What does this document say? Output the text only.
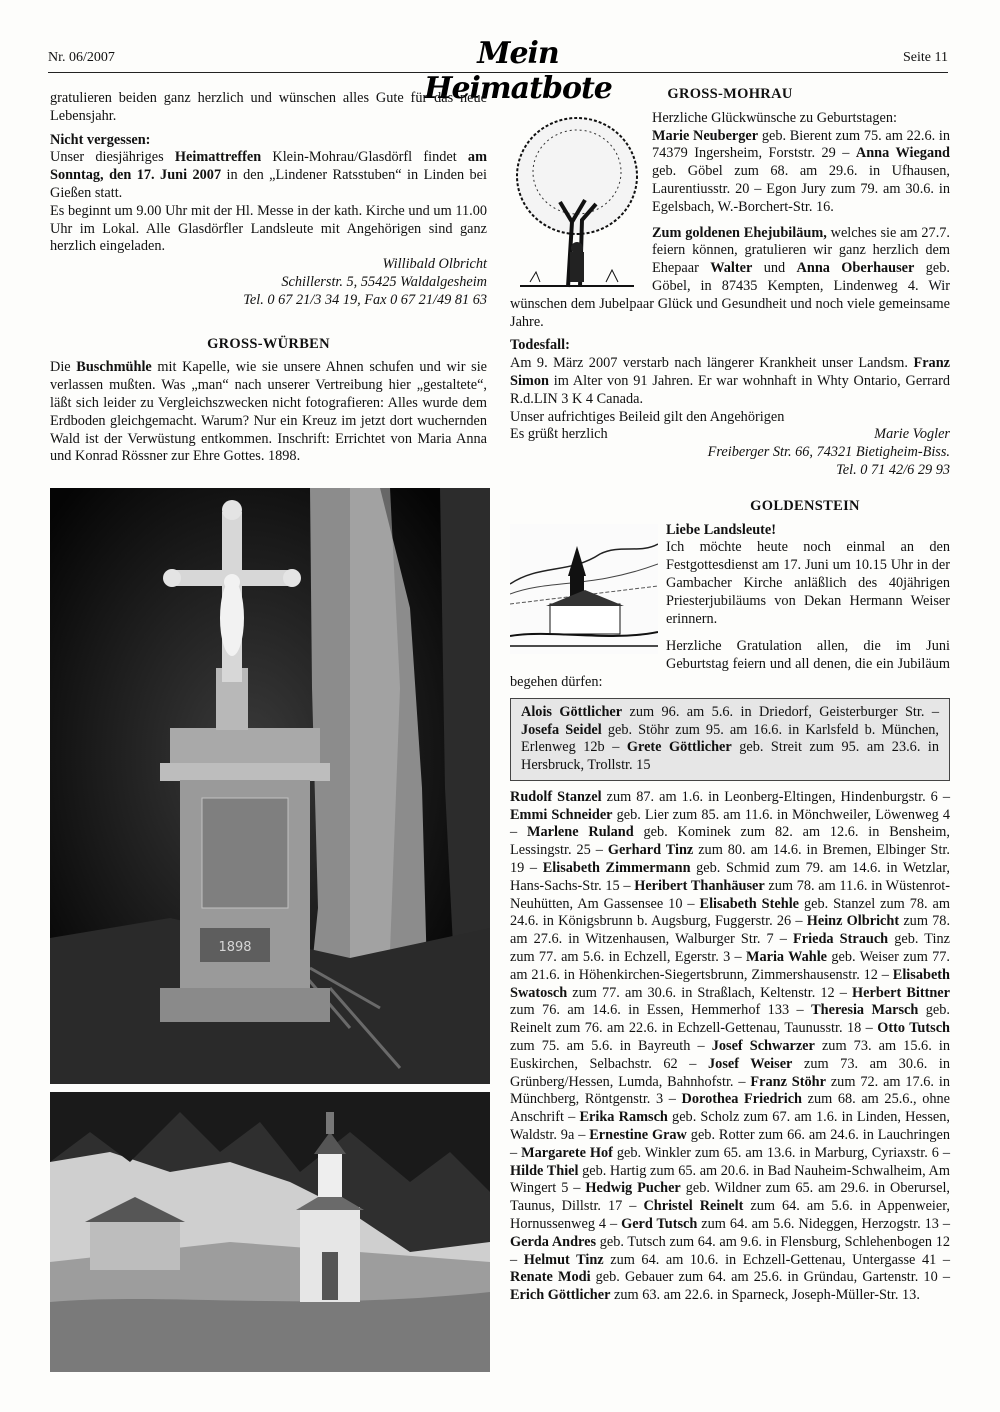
Nr. 06/2007	Mein Heimatbote
Seite 11

gratulieren beiden ganz herzlich und wünschen alles Gute für das neue Lebensjahr.

Nicht vergessen:

Unser diesjähriges Heimattreffen Klein-Mohrau/Glasdörfl findet am Sonntag, den 17. Juni 2007 in den „Lindener Ratsstuben“ in Linden bei Gießen statt.

Es beginnt um 9.00 Uhr mit der Hl. Messe in der kath. Kirche und um 11.00 Uhr im Lokal. Alle Glasdörfler Landsleute mit Angehörigen sind ganz herzlich eingeladen.

Willibald Olbricht

Schillerstr. 5, 55425 Waldalgesheim

Tel. 0 67 21/3 34 19, Fax 0 67 21/49 81 63

GROSS-WÜRBEN

Die Buschmühle mit Kapelle, wie sie unsere Ahnen schufen und wir sie verlassen mußten. Was „man“ nach unserer Vertreibung hier „gestaltete“, läßt sich leider zu Vergleichszwecken nicht fotografieren: Alles wurde dem Erdboden gleichgemacht. Warum? Nur ein Kreuz im jetzt dort wuchernden Wald ist der Verwüstung entkommen. Inschrift: Errichtet von Maria Anna und Konrad Rössner zur Ehre Gottes. 1898.

1898
GROSS-MOHRAU

Herzliche Glückwünsche zu Geburtstagen:

Marie Neuberger geb. Bierent zum 75. am 22.6. in 74379 Ingersheim, Forststr. 29 – Anna Wiegand geb. Göbel zum 68. am 29.6. in Ufhausen, Laurentiusstr. 20 – Egon Jury zum 79. am 30.6. in Egelsbach, W.-Borchert-Str. 16.

Zum goldenen Ehejubiläum, welches sie am 27.7. feiern können, gratulieren wir ganz herzlich dem Ehepaar Walter und Anna Oberhauser geb. Göbel, in 87435 Kempten, Lindenweg 4. Wir wünschen dem Jubelpaar Glück und Gesundheit und noch viele gemeinsame Jahre.

Todesfall:

Am 9. März 2007 verstarb nach längerer Krankheit unser Landsm. Franz Simon im Alter von 91 Jahren. Er war wohnhaft in Whty Ontario, Gerrard R.d.LIN 3 K 4 Canada.

Unser aufrichtiges Beileid gilt den Angehörigen

Es grüßt herzlich	Marie Vogler

Freiberger Str. 66, 74321 Bietigheim-Biss.

Tel. 0 71 42/6 29 93

GOLDENSTEIN

Liebe Landsleute!

Ich möchte heute noch einmal an den Festgottesdienst am 17. Juni um 10.15 Uhr in der Gambacher Kirche anläßlich des 40jährigen Priesterjubiläums von Dekan Hermann Weiser erinnern.

Herzliche Gratulation allen, die im Juni Geburtstag feiern und all denen, die ein Jubiläum begehen dürfen:

Alois Göttlicher zum 96. am 5.6. in Driedorf, Geisterburger Str. – Josefa Seidel geb. Stöhr zum 95. am 16.6. in Karlsfeld b. München, Erlenweg 12b – Grete Göttlicher geb. Streit zum 95. am 23.6. in Hersbruck, Trollstr. 15

Rudolf Stanzel zum 87. am 1.6. in Leonberg-Eltingen, Hindenburgstr. 6 – Emmi Schneider geb. Lier zum 85. am 11.6. in Mönchweiler, Löwenweg 4 – Marlene Ruland geb. Kominek zum 82. am 12.6. in Bensheim, Lessingstr. 25 – Gerhard Tinz zum 80. am 14.6. in Bremen, Elbinger Str. 19 – Elisabeth Zimmermann geb. Schmid zum 79. am 14.6. in Wetzlar, Hans-Sachs-Str. 15 – Heribert Thanhäuser zum 78. am 11.6. in Wüstenrot-Neuhütten, Am Gassensee 10 – Elisabeth Stehle geb. Stanzel zum 78. am 24.6. in Königsbrunn b. Augsburg, Fuggerstr. 26 – Heinz Olbricht zum 78. am 27.6. in Witzenhausen, Walburger Str. 7 – Frieda Strauch geb. Tinz zum 77. am 5.6. in Echzell, Egerstr. 3 – Maria Wahle geb. Weiser zum 77. am 21.6. in Höhenkirchen-Siegertsbrunn, Zimmershausenstr. 12 – Elisabeth Swatosch zum 77. am 30.6. in Straßlach, Keltenstr. 12 – Herbert Bittner zum 76. am 14.6. in Essen, Hemmerhof 133 – Theresia Marsch geb. Reinelt zum 76. am 22.6. in Echzell-Gettenau, Taunusstr. 18 – Otto Tutsch zum 75. am 5.6. in Bayreuth – Josef Schwarzer zum 73. am 15.6. in Euskirchen, Selbachstr. 62 – Josef Weiser zum 73. am 30.6. in Grünberg/Hessen, Lumda, Bahnhofstr. – Franz Stöhr zum 72. am 17.6. in Münchberg, Röntgenstr. 3 – Dorothea Friedrich zum 68. am 25.6., ohne Anschrift – Erika Ramsch geb. Scholz zum 67. am 1.6. in Linden, Hessen, Waldstr. 9a – Ernestine Graw geb. Rotter zum 66. am 24.6. in Lauchringen – Margarete Hof geb. Winkler zum 65. am 13.6. in Marburg, Cyriaxstr. 6 – Hilde Thiel geb. Hartig zum 65. am 20.6. in Bad Nauheim-Schwalheim, Am Wingert 5 – Hedwig Pucher geb. Wildner zum 65. am 29.6. in Oberursel, Taunus, Dillstr. 17 – Christel Reinelt zum 64. am 5.6. in Appenweier, Hornussenweg 4 – Gerd Tutsch zum 64. am 5.6. Nideggen, Herzogstr. 13 – Gerda Andres geb. Tutsch zum 64. am 9.6. in Flensburg, Schlehenbogen 12 – Helmut Tinz zum 64. am 10.6. in Echzell-Gettenau, Untergasse 41 – Renate Modi geb. Gebauer zum 64. am 25.6. in Gründau, Gartenstr. 10 – Erich Göttlicher zum 63. am 22.6. in Sparneck, Joseph-Müller-Str. 13.
